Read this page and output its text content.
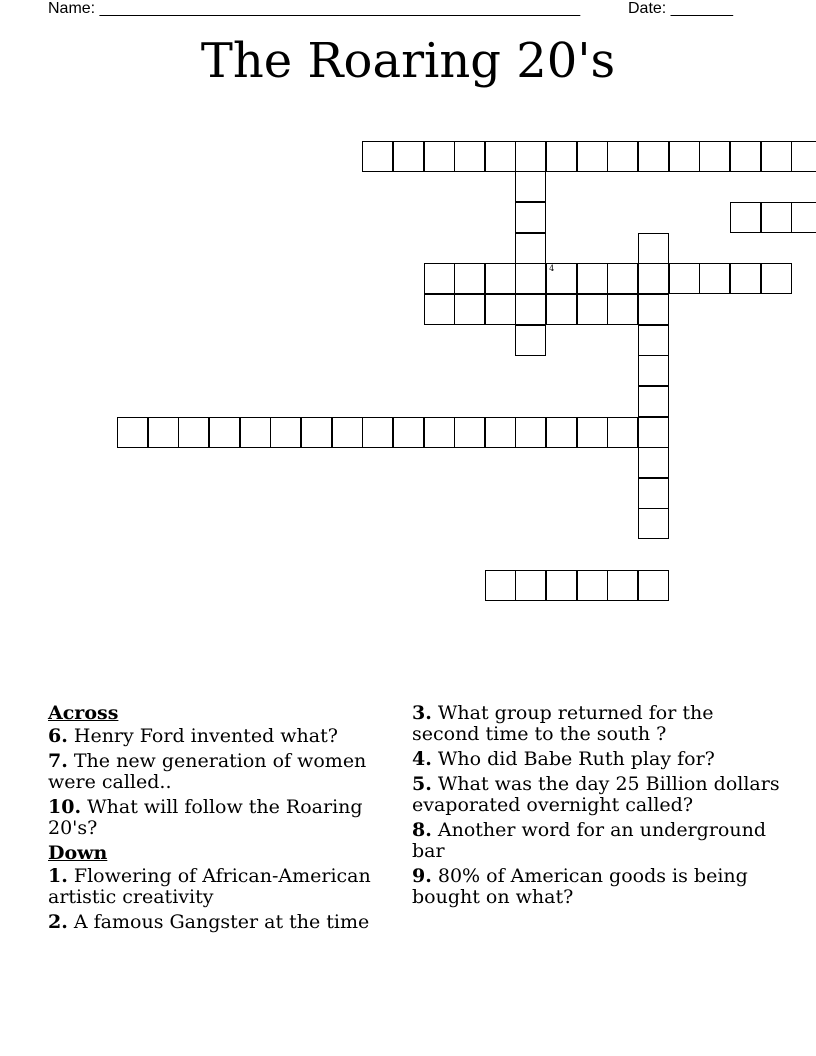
Name: ______________________________________________________	Date: _______
The Roaring 20's
4
Across
6. Henry Ford invented what?
7. The new generation of women were called..
10. What will follow the Roaring 20's?
Down
1. Flowering of African-American artistic creativity
2. A famous Gangster at the time
3. What group returned for the second time to the south ?
4. Who did Babe Ruth play for?
5. What was the day 25 Billion dollars evaporated overnight called?
8. Another word for an underground bar
9. 80% of American goods is being bought on what?
